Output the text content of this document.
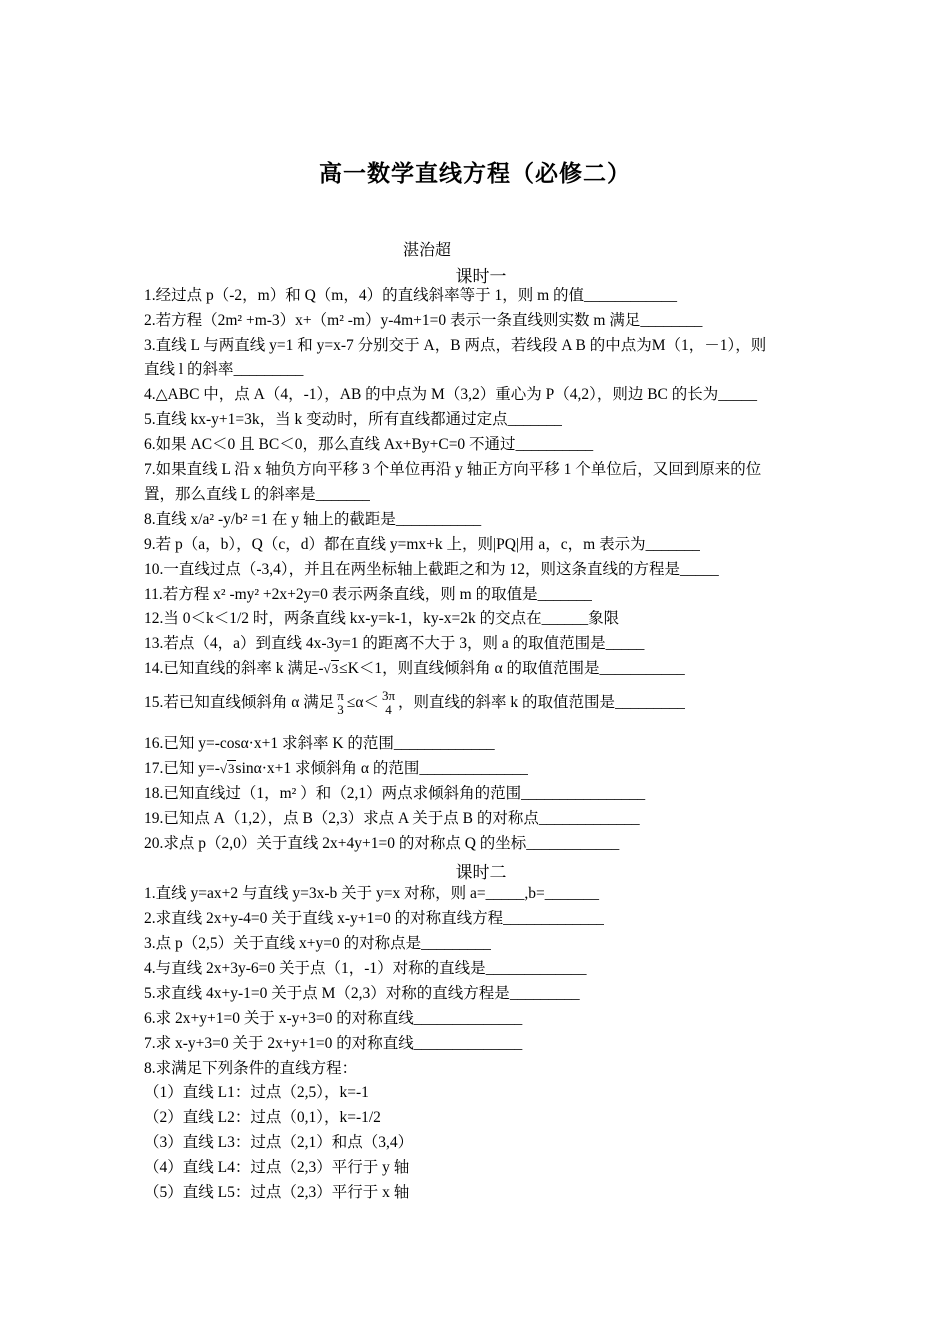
高一数学直线方程（必修二）
湛治超
课时一
1.经过点 p（-2，m）和 Q（m，4）的直线斜率等于 1，则 m 的值____________
2.若方程（2m² +m-3）x+（m² -m）y-4m+1=0 表示一条直线则实数 m 满足________
3.直线 L 与两直线 y=1 和 y=x-7 分别交于 A，B 两点，若线段 A B 的中点为M（1，－1），则
直线 l 的斜率_________
4.△ABC 中，点 A（4，-1），AB 的中点为 M（3,2）重心为 P（4,2），则边 BC 的长为_____
5.直线 kx-y+1=3k，当 k 变动时，所有直线都通过定点_______
6.如果 AC＜0 且 BC＜0，那么直线 Ax+By+C=0 不通过__________
7.如果直线 L 沿 x 轴负方向平移 3 个单位再沿 y 轴正方向平移 1 个单位后，又回到原来的位
置，那么直线 L 的斜率是_______
8.直线 x/a² -y/b² =1 在 y 轴上的截距是___________
9.若 p（a，b），Q（c，d）都在直线 y=mx+k 上，则|PQ|用 a，c，m 表示为_______
10.一直线过点（-3,4），并且在两坐标轴上截距之和为 12，则这条直线的方程是_____
11.若方程 x² -my² +2x+2y=0 表示两条直线，则 m 的取值是_______
12.当 0＜k＜1/2 时，两条直线 kx-y=k-1，ky-x=2k 的交点在______象限
13.若点（4，a）到直线 4x-3y=1 的距离不大于 3，则 a 的取值范围是_____
14.已知直线的斜率 k 满足-√3≤K＜1，则直线倾斜角 α 的取值范围是___________
15.若已知直线倾斜角 α 满足 π
3 ≤α＜ 3π
4 ，则直线的斜率 k 的取值范围是_________
16.已知 y=-cosα·x+1 求斜率 K 的范围_____________
17.已知 y=-√3sinα·x+1 求倾斜角 α 的范围______________
18.已知直线过（1，m² ）和（2,1）两点求倾斜角的范围________________
19.已知点 A（1,2），点 B（2,3）求点 A 关于点 B 的对称点_____________
20.求点 p（2,0）关于直线 2x+4y+1=0 的对称点 Q 的坐标____________
课时二
1.直线 y=ax+2 与直线 y=3x-b 关于 y=x 对称，则 a=_____,b=_______
2.求直线 2x+y-4=0 关于直线 x-y+1=0 的对称直线方程_____________
3.点 p（2,5）关于直线 x+y=0 的对称点是_________
4.与直线 2x+3y-6=0 关于点（1，-1）对称的直线是_____________
5.求直线 4x+y-1=0 关于点 M（2,3）对称的直线方程是_________
6.求 2x+y+1=0 关于 x-y+3=0 的对称直线______________
7.求 x-y+3=0 关于 2x+y+1=0 的对称直线______________
8.求满足下列条件的直线方程：
（1）直线 L1：过点（2,5），k=-1
（2）直线 L2：过点（0,1），k=-1/2
（3）直线 L3：过点（2,1）和点（3,4）
（4）直线 L4：过点（2,3）平行于 y 轴
（5）直线 L5：过点（2,3）平行于 x 轴
